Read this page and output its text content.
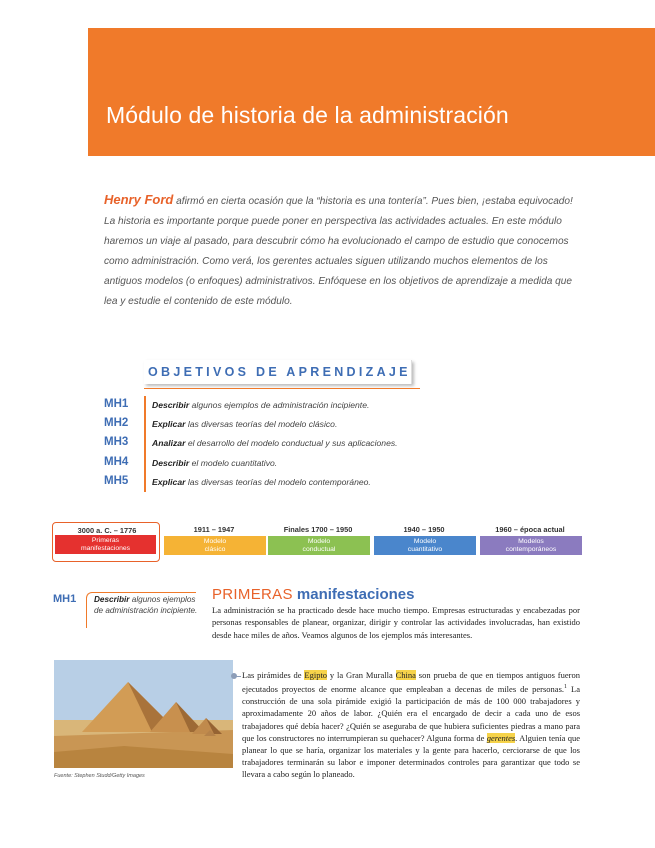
Módulo de historia de la administración

Henry Ford afirmó en cierta ocasión que la “historia es una tontería”. Pues bien, ¡estaba equivocado! La historia es importante porque puede poner en perspectiva las actividades actuales. En este módulo haremos un viaje al pasado, para descubrir cómo ha evolucionado el campo de estudio que conocemos como administración. Como verá, los gerentes actuales siguen utilizando muchos elementos de los antiguos modelos (o enfoques) administrativos. Enfóquese en los objetivos de aprendizaje a medida que lea y estudie el contenido de este módulo.

OBJETIVOS DE APRENDIZAJE
MH1	Describir algunos ejemplos de administración incipiente.
MH2	Explicar las diversas teorías del modelo clásico.
MH3	Analizar el desarrollo del modelo conductual y sus aplicaciones.
MH4	Describir el modelo cuantitativo.
MH5	Explicar las diversas teorías del modelo contemporáneo.
3000 a. C. – 1776
Primeras
manifestaciones
1911 – 1947
Modelo
clásico
Finales 1700 – 1950
Modelo
conductual
1940 – 1950
Modelo
cuantitativo
1960 – época actual
Modelos
contemporáneos
MH1 Describir algunos ejemplos de administración incipiente.
PRIMERAS manifestaciones

La administración se ha practicado desde hace mucho tiempo. Empresas estructuradas y encabezadas por personas responsables de planear, organizar, dirigir y controlar las actividades involucradas, han existido desde hace miles de años. Veamos algunos de los ejemplos más interesantes.

Fuente: Stephen Studd/Getty Images

Las pirámides de Egipto y la Gran Muralla China son prueba de que en tiempos antiguos fueron ejecutados proyectos de enorme alcance que empleaban a decenas de miles de personas.$^1$ La construcción de una sola pirámide exigió la participación de más de 100 000 trabajadores y aproximadamente 20 años de labor. ¿Quién era el encargado de decir a cada uno de esos trabajadores qué debía hacer? ¿Quién se aseguraba de que hubiera suficientes piedras a mano para que los constructores no interrumpieran su quehacer? Alguna forma de gerentes. Alguien tenía que planear lo que se haría, organizar los materiales y la gente para hacerlo, cerciorarse de que los trabajadores terminarán su labor e imponer determinados controles para garantizar que todo se llevara a cabo según lo planeado.
